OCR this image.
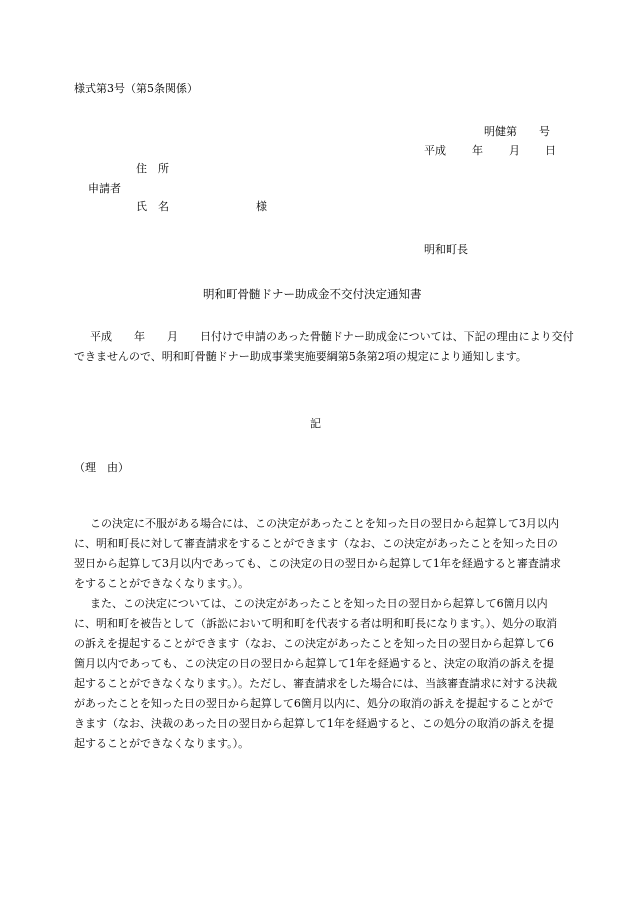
様式第3号（第5条関係）
明健第　　号
平成 年 月 日
住　所
申請者
氏　名	様
明和町長
明和町骨髄ドナー助成金不交付決定通知書
平成　　年　　月　　日付けで申請のあった骨髄ドナー助成金については、下記の理由により交付できませんので、明和町骨髄ドナー助成事業実施要綱第5条第2項の規定により通知します。
記
（理　由）

この決定に不服がある場合には、この決定があったことを知った日の翌日から起算して3月以内に、明和町長に対して審査請求をすることができます（なお、この決定があったことを知った日の翌日から起算して3月以内であっても、この決定の日の翌日から起算して1年を経過すると審査請求をすることができなくなります。）。

また、この決定については、この決定があったことを知った日の翌日から起算して6箇月以内に、明和町を被告として（訴訟において明和町を代表する者は明和町長になります。）、処分の取消の訴えを提起することができます（なお、この決定があったことを知った日の翌日から起算して6箇月以内であっても、この決定の日の翌日から起算して1年を経過すると、決定の取消の訴えを提起することができなくなります。）。ただし、審査請求をした場合には、当該審査請求に対する決裁があったことを知った日の翌日から起算して6箇月以内に、処分の取消の訴えを提起することができます（なお、決裁のあった日の翌日から起算して1年を経過すると、この処分の取消の訴えを提起することができなくなります。）。
